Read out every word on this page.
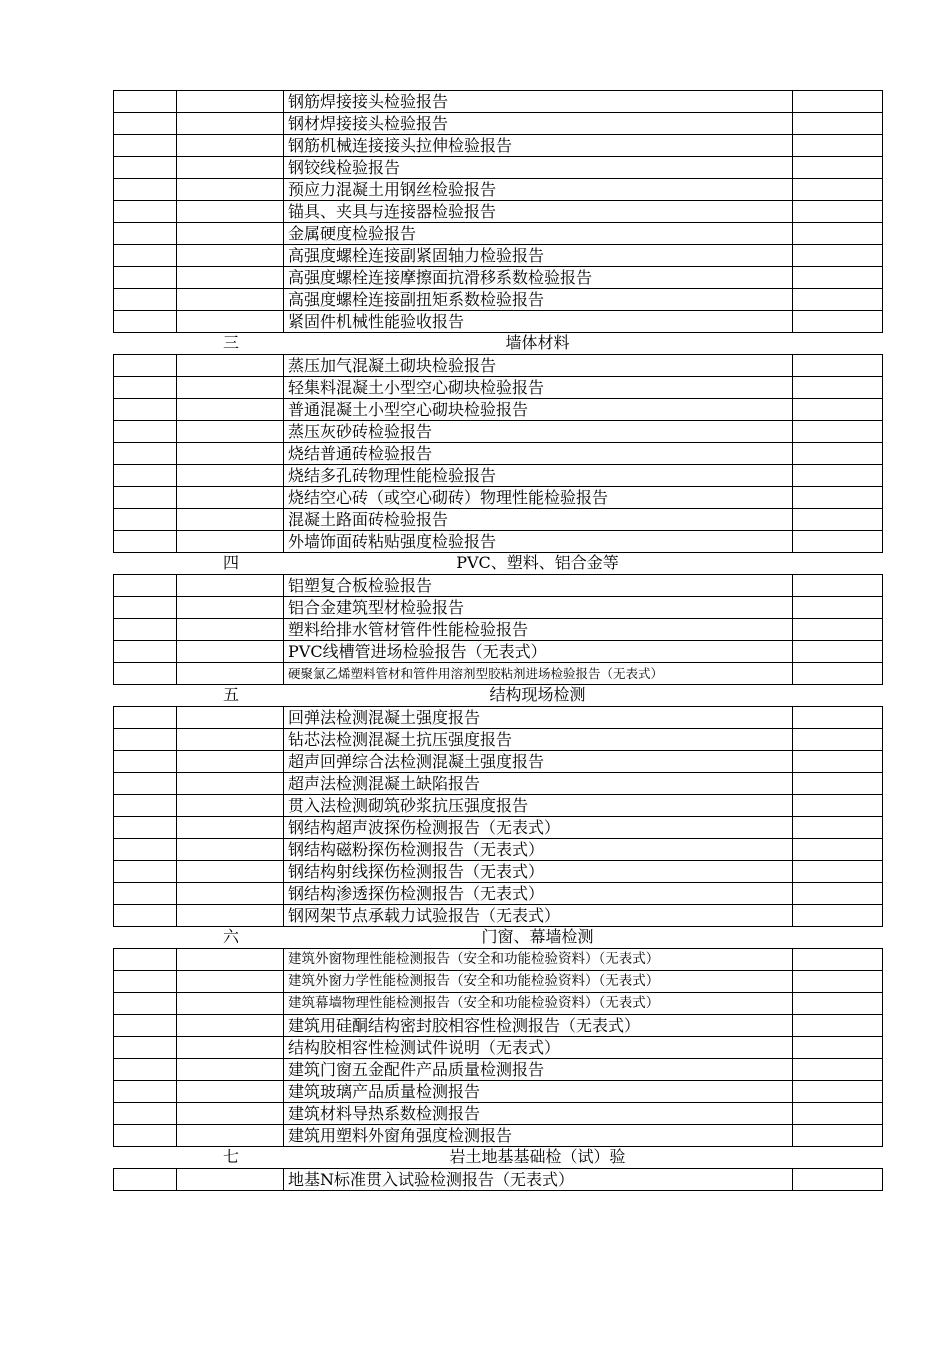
钢筋焊接接头检验报告
钢材焊接接头检验报告
钢筋机械连接接头拉伸检验报告
钢铰线检验报告
预应力混凝土用钢丝检验报告
锚具、夹具与连接器检验报告
金属硬度检验报告
高强度螺栓连接副紧固轴力检验报告
高强度螺栓连接摩擦面抗滑移系数检验报告
高强度螺栓连接副扭矩系数检验报告
紧固件机械性能验收报告
三	墙体材料
蒸压加气混凝土砌块检验报告
轻集料混凝土小型空心砌块检验报告
普通混凝土小型空心砌块检验报告
蒸压灰砂砖检验报告
烧结普通砖检验报告
烧结多孔砖物理性能检验报告
烧结空心砖（或空心砌砖）物理性能检验报告
混凝土路面砖检验报告
外墙饰面砖粘贴强度检验报告
四	PVC、塑料、铝合金等
铝塑复合板检验报告
铝合金建筑型材检验报告
塑料给排水管材管件性能检验报告
PVC线槽管进场检验报告（无表式）
硬聚氯乙烯塑料管材和管件用溶剂型胶粘剂进场检验报告（无表式）
五	结构现场检测
回弹法检测混凝土强度报告
钻芯法检测混凝土抗压强度报告
超声回弹综合法检测混凝土强度报告
超声法检测混凝土缺陷报告
贯入法检测砌筑砂浆抗压强度报告
钢结构超声波探伤检测报告（无表式）
钢结构磁粉探伤检测报告（无表式）
钢结构射线探伤检测报告（无表式）
钢结构渗透探伤检测报告（无表式）
钢网架节点承载力试验报告（无表式）
六	门窗、幕墙检测
建筑外窗物理性能检测报告（安全和功能检验资料）（无表式）
建筑外窗力学性能检测报告（安全和功能检验资料）（无表式）
建筑幕墙物理性能检测报告（安全和功能检验资料）（无表式）
建筑用硅酮结构密封胶相容性检测报告（无表式）
结构胶相容性检测试件说明（无表式）
建筑门窗五金配件产品质量检测报告
建筑玻璃产品质量检测报告
建筑材料导热系数检测报告
建筑用塑料外窗角强度检测报告
七	岩土地基基础检（试）验
地基N标准贯入试验检测报告（无表式）
